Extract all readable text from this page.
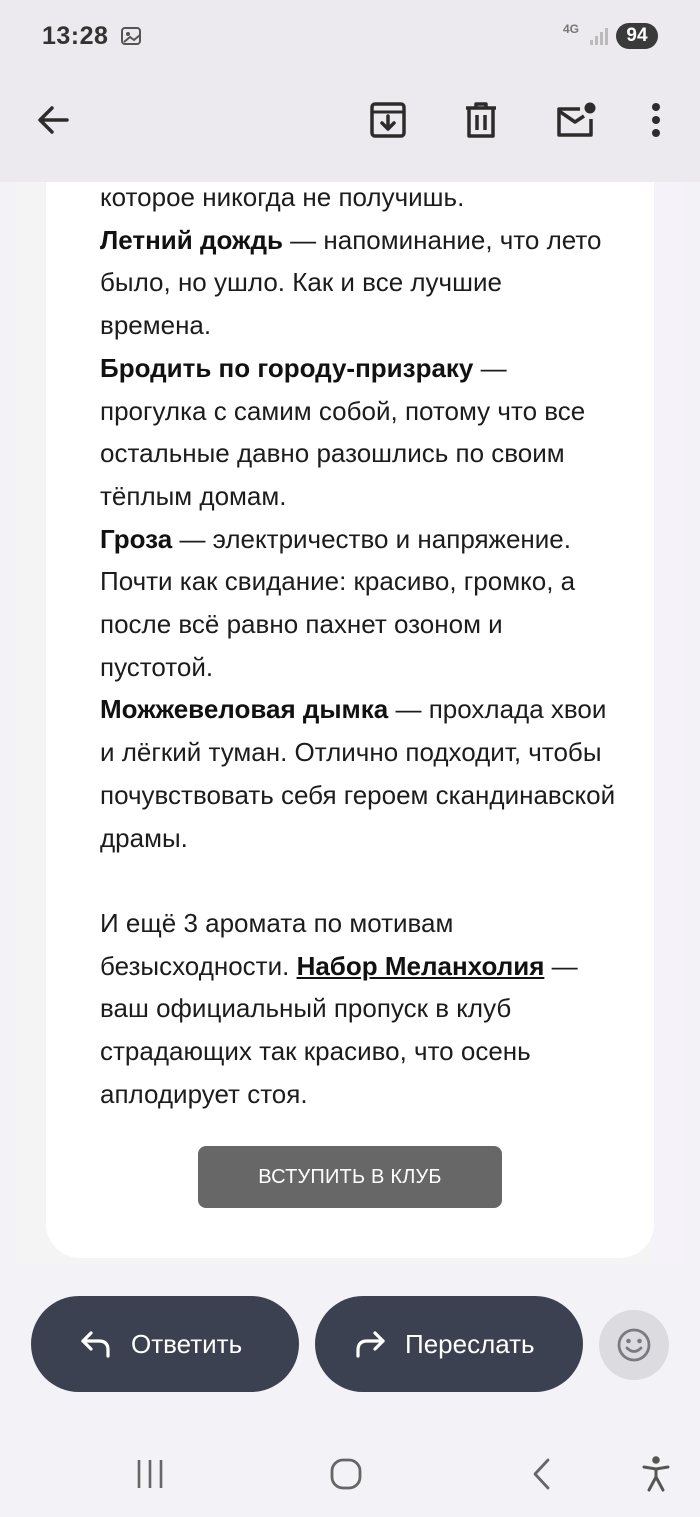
13:28	4G	94

которое никогда не получишь.

Летний дождь — напоминание, что лето было, но ушло. Как и все лучшие времена.

Бродить по городу-призраку — прогулка с самим собой, потому что все остальные давно разошлись по своим тёплым домам.

Гроза — электричество и напряжение. Почти как свидание: красиво, громко, а после всё равно пахнет озоном и пустотой.

Можжевеловая дымка — прохлада хвои и лёгкий туман. Отлично подходит, чтобы почувствовать себя героем скандинавской драмы.

И ещё 3 аромата по мотивам безысходности. Набор Меланхолия — ваш официальный пропуск в клуб страдающих так красиво, что осень аплодирует стоя.

ВСТУПИТЬ В КЛУБ
Ответить	Переслать
